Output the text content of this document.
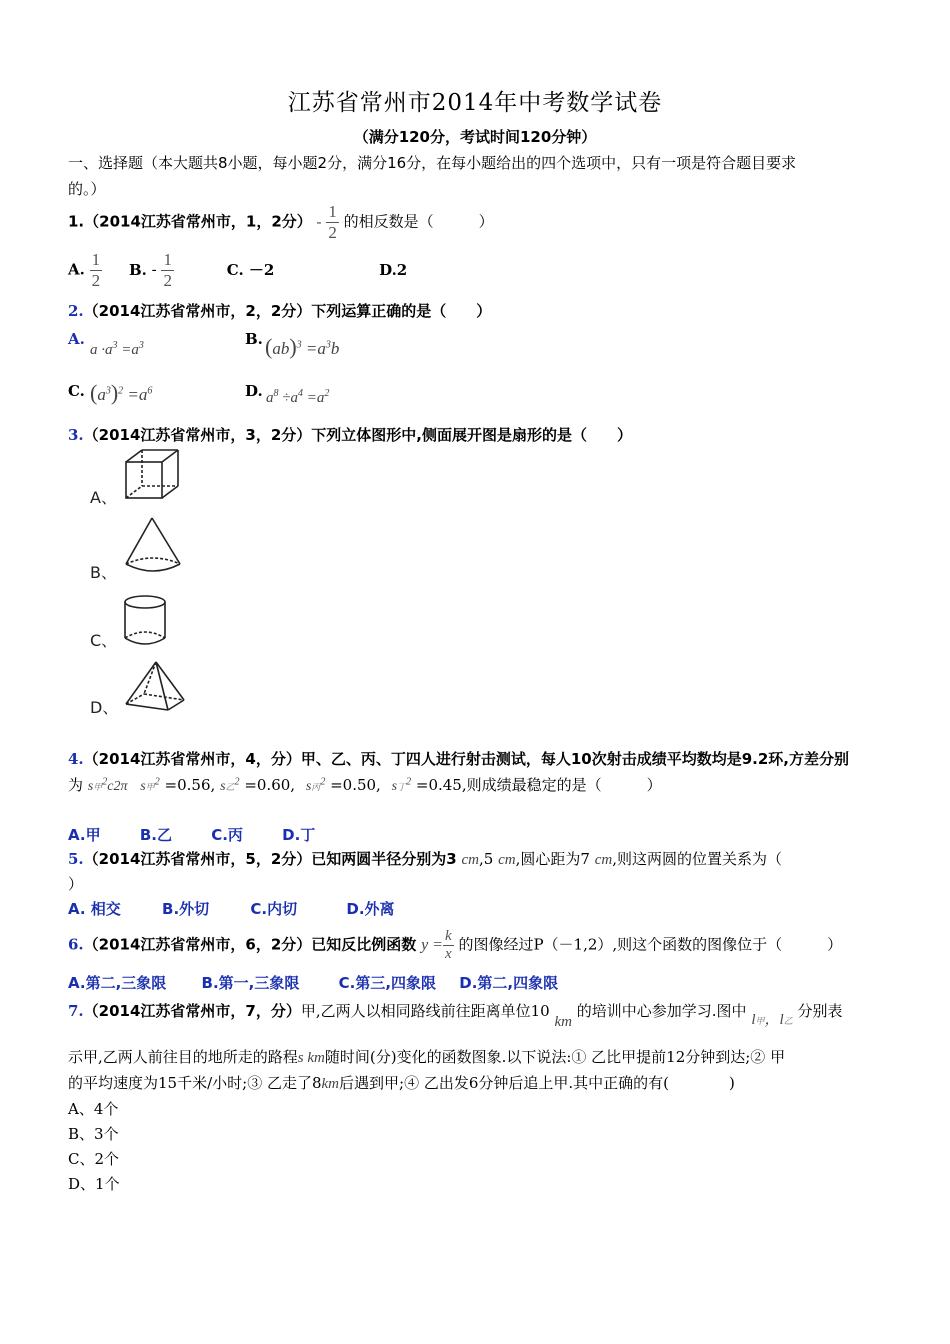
江苏省常州市2014年中考数学试卷
（满分120分，考试时间120分钟）
一、选择题（本大题共8小题，每小题2分，满分16分，在每小题给出的四个选项中，只有一项是符合题目要求
的。）
1.（2014江苏省常州市，1，2分） - $\frac{1}{2}$ 的相反数是（　　　）
A. $\frac{1}{2} B$. - $\frac{1}{2}$	C. －2	D.2
2.（2014江苏省常州市，2，2分）下列运算正确的是（　　）
A.
$a \cdot a^3 =a^3$	B. $(ab)^3 =a^3b$
C. $(a^3)^2 =a^6$	D. $a^8 \div a^4 =a^2$
3.（2014江苏省常州市，3，2分）下列立体图形中,侧面展开图是扇形的是（　　）
A、
B、
C、
D、
4.（2014江苏省常州市，4，分）甲、乙、丙、丁四人进行射击测试，每人10次射击成绩平均数均是9.2环,方差分别
为 s甲$^2$c2π s甲$^2$ =0.56, s乙$^2$ =0.60, s丙$^2$ =0.50, s丁$^2$ =0.45,则成绩最稳定的是（　　　）
A.甲	B.乙	C.丙	D.丁
5.（2014江苏省常州市，5，2分）已知两圆半径分别为3 cm,5 cm,圆心距为7 cm,则这两圆的位置关系为（
）
A. 相交	B.外切	C.内切	D.外离
6.（2014江苏省常州市，6，2分）已知反比例函数 $y = \frac{k}{x}$ 的图像经过P（－1,2）,则这个函数的图像位于（　　　）
A.第二,三象限 B.第一,三象限	C.第三,四象限 D.第二,四象限
7.（2014江苏省常州市，7，分）甲,乙两人以相同路线前往距离单位10 km 的培训中心参加学习.图中 l甲，l乙 分别表
示甲,乙两人前往目的地所走的路程s km随时间(分)变化的函数图象.以下说法:① 乙比甲提前12分钟到达;② 甲
的平均速度为15千米/小时;③ 乙走了8km后遇到甲;④ 乙出发6分钟后追上甲.其中正确的有(　　　　)
A、4个
B、3个
C、2个
D、1个
